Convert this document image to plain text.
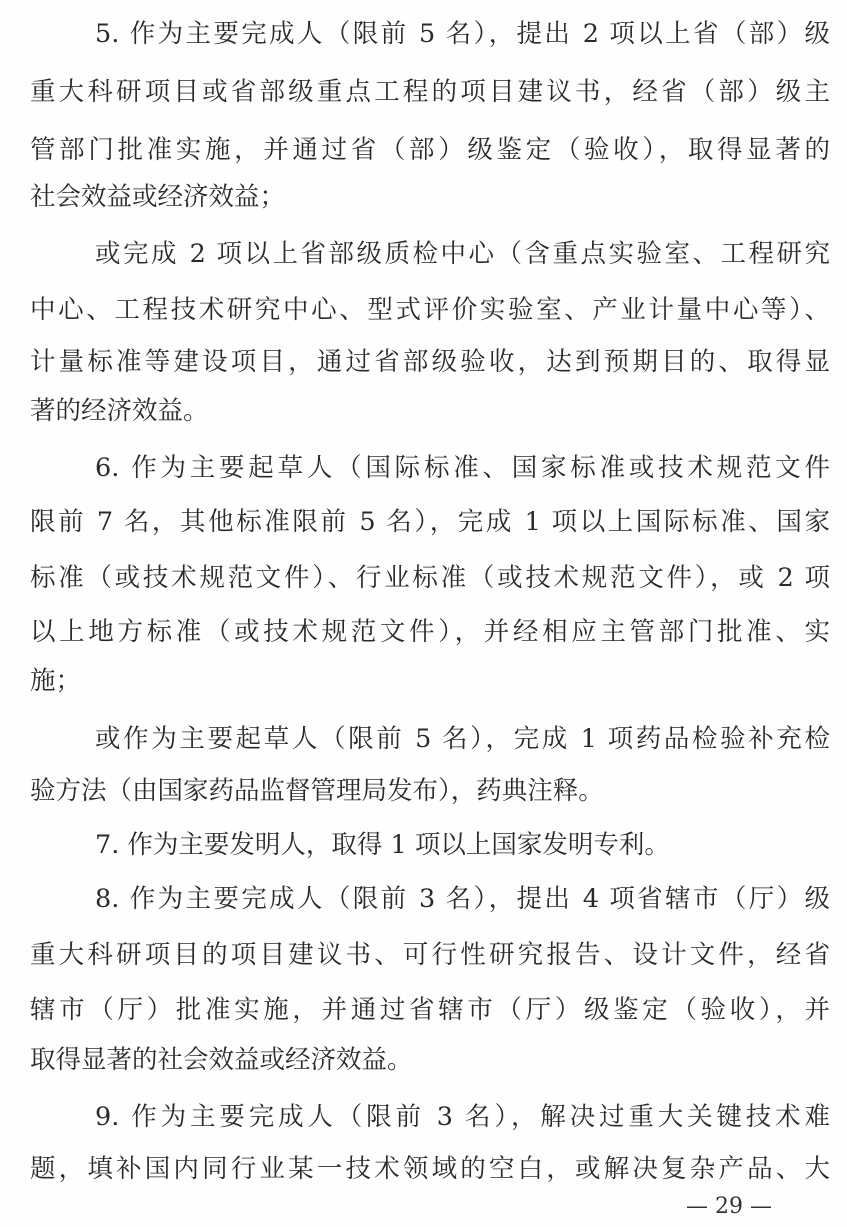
5. 作为主要完成人（限前 5 名），提出 2 项以上省（部）级
重大科研项目或省部级重点工程的项目建议书，经省（部）级主
管部门批准实施，并通过省（部）级鉴定（验收），取得显著的
社会效益或经济效益；
或完成 2 项以上省部级质检中心（含重点实验室、工程研究
中心、工程技术研究中心、型式评价实验室、产业计量中心等）、
计量标准等建设项目，通过省部级验收，达到预期目的、取得显
著的经济效益。
6. 作为主要起草人（国际标准、国家标准或技术规范文件
限前 7 名，其他标准限前 5 名），完成 1 项以上国际标准、国家
标准（或技术规范文件）、行业标准（或技术规范文件），或 2 项
以上地方标准（或技术规范文件），并经相应主管部门批准、实
施；
或作为主要起草人（限前 5 名），完成 1 项药品检验补充检
验方法（由国家药品监督管理局发布），药典注释。
7. 作为主要发明人，取得 1 项以上国家发明专利。
8. 作为主要完成人（限前 3 名），提出 4 项省辖市（厅）级
重大科研项目的项目建议书、可行性研究报告、设计文件，经省
辖市（厅）批准实施，并通过省辖市（厅）级鉴定（验收），并
取得显著的社会效益或经济效益。
9. 作为主要完成人（限前 3 名），解决过重大关键技术难
题，填补国内同行业某一技术领域的空白，或解决复杂产品、大
— 29 —
